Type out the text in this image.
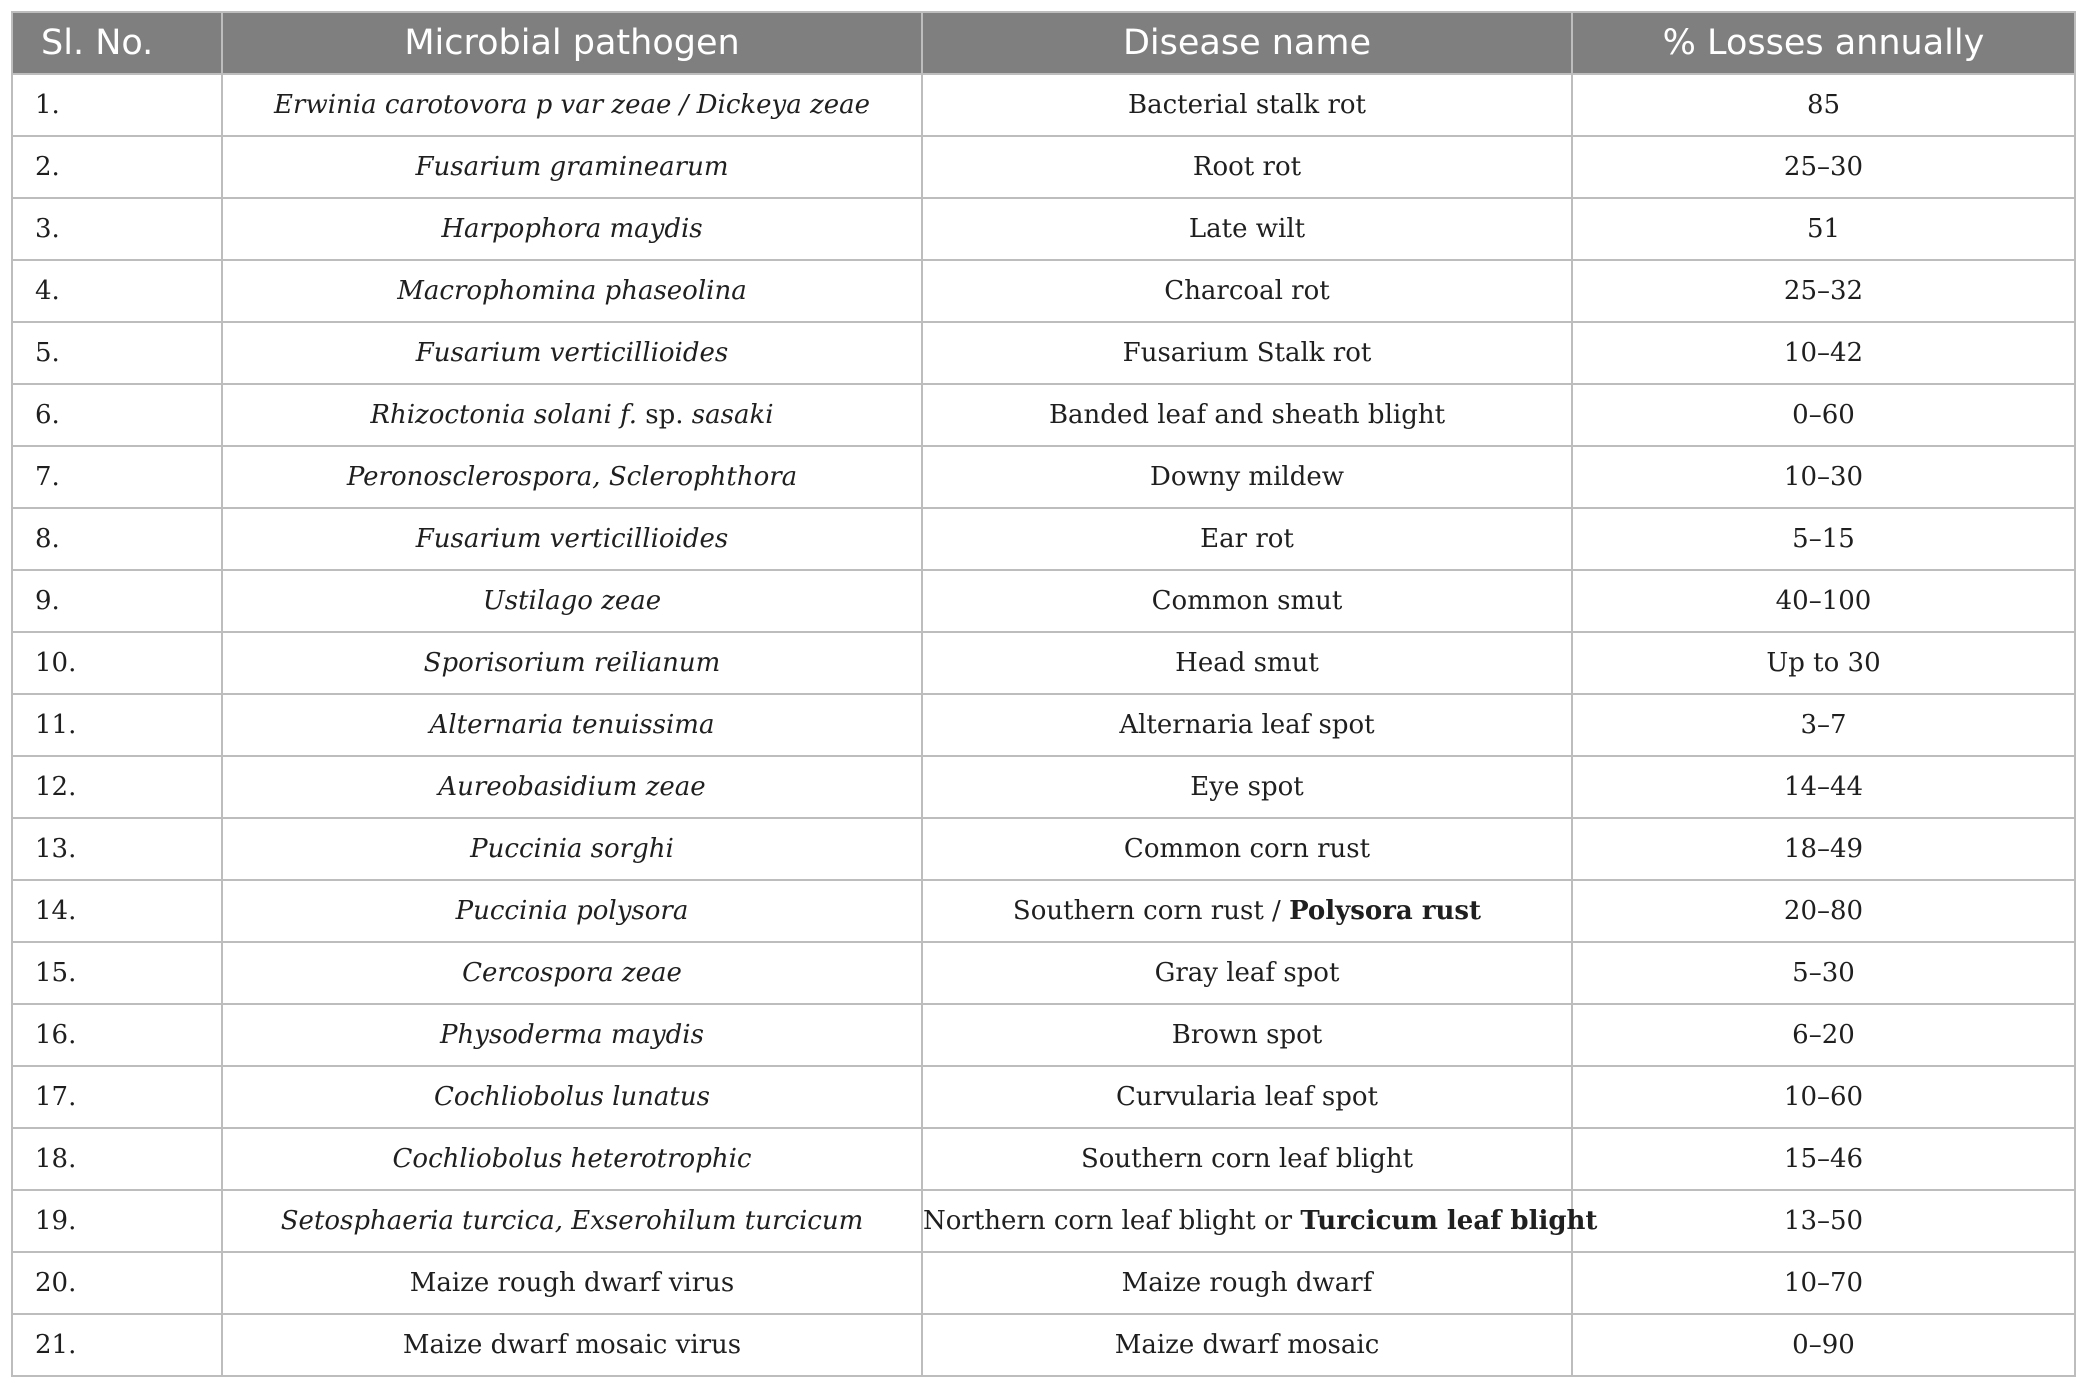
Sl. No.	Microbial pathogen	Disease name	% Losses annually
1.	Erwinia carotovora p var zeae / Dickeya zeae	Bacterial stalk rot	85
2.	Fusarium graminearum	Root rot	25–30
3.	Harpophora maydis	Late wilt	51
4.	Macrophomina phaseolina	Charcoal rot	25–32
5.	Fusarium verticillioides	Fusarium Stalk rot	10–42
6.	Rhizoctonia solani f. sp. sasaki	Banded leaf and sheath blight	0–60
7.	Peronosclerospora, Sclerophthora	Downy mildew	10–30
8.	Fusarium verticillioides	Ear rot	5–15
9.	Ustilago zeae	Common smut	40–100
10.	Sporisorium reilianum	Head smut	Up to 30
11.	Alternaria tenuissima	Alternaria leaf spot	3–7
12.	Aureobasidium zeae	Eye spot	14–44
13.	Puccinia sorghi	Common corn rust	18–49
14.	Puccinia polysora	Southern corn rust / Polysora rust	20–80
15.	Cercospora zeae	Gray leaf spot	5–30
16.	Physoderma maydis	Brown spot	6–20
17.	Cochliobolus lunatus	Curvularia leaf spot	10–60
18.	Cochliobolus heterotrophic	Southern corn leaf blight	15–46
19.	Setosphaeria turcica, Exserohilum turcicum	Northern corn leaf blight or Turcicum leaf blight	13–50
20.	Maize rough dwarf virus	Maize rough dwarf	10–70
21.	Maize dwarf mosaic virus	Maize dwarf mosaic	0–90
